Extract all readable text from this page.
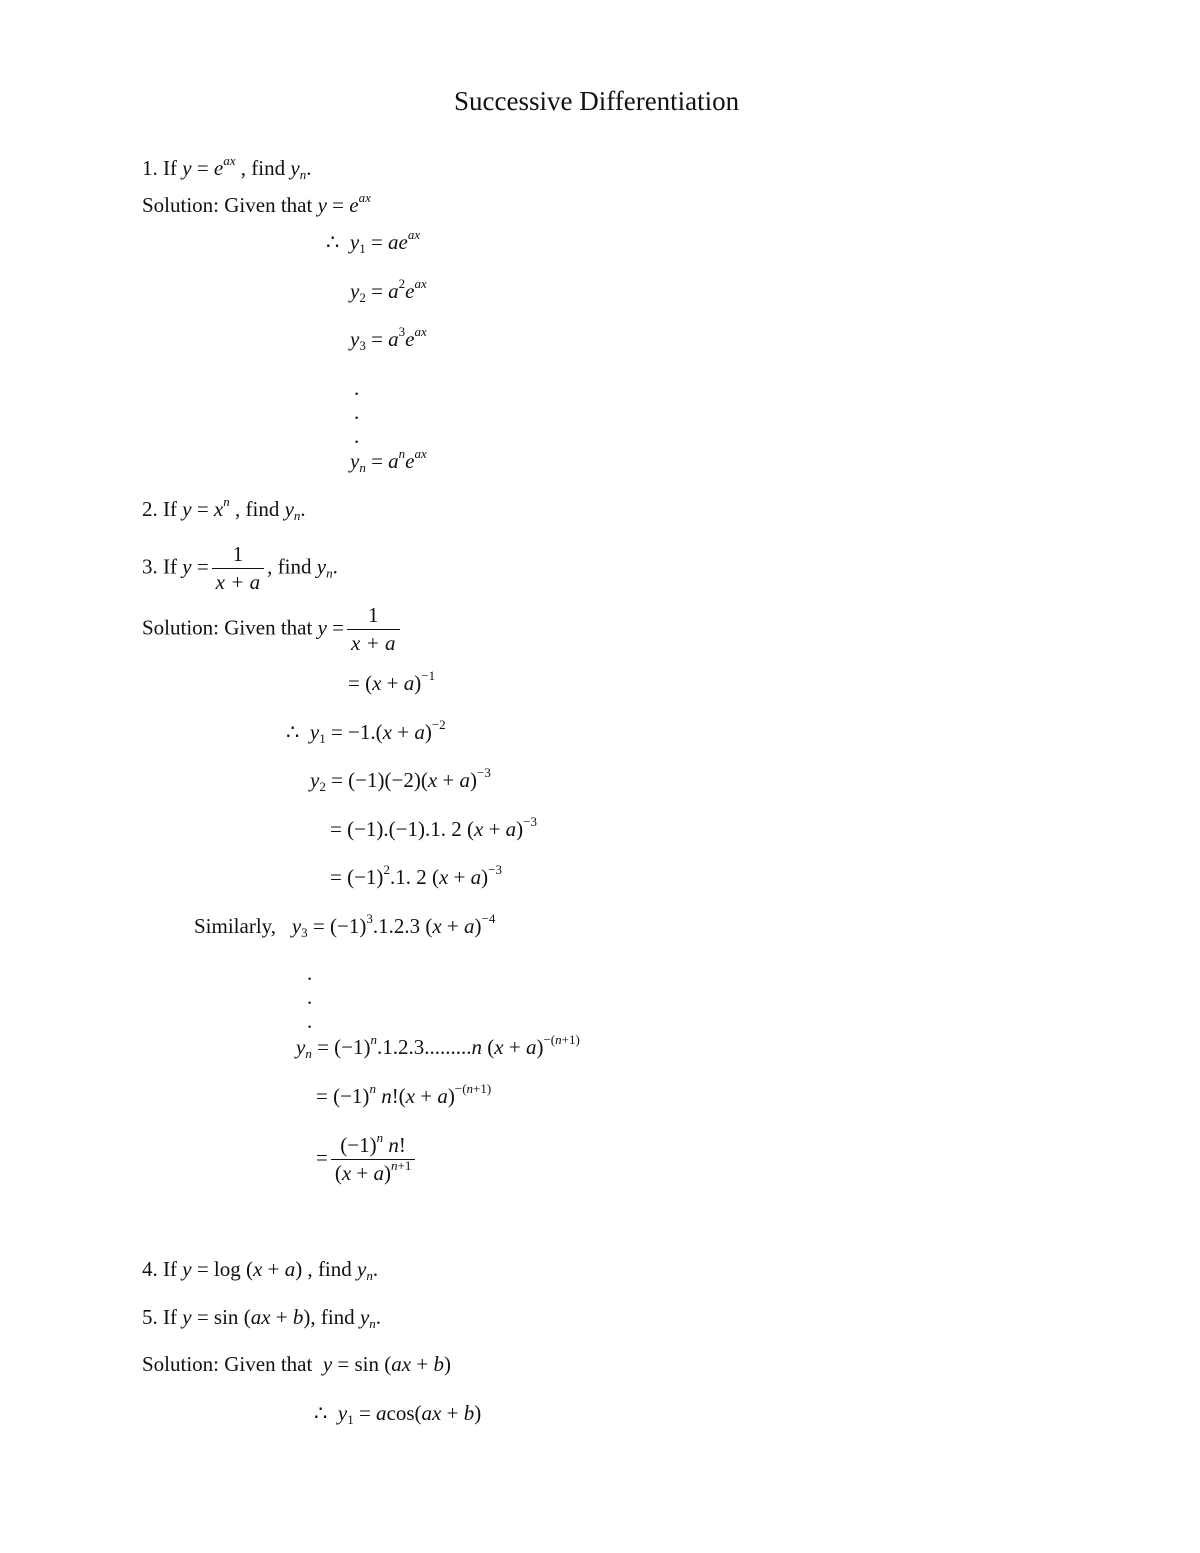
Successive Differentiation
1. If $y = e^{ax}$ , find $y_n$.
Solution: Given that $y = e^{ax}$
∴  $y_1 = ae^{ax}$
$y_2 = a^2e^{ax}$
$y_3 = a^3e^{ax}$
.
.
.
$y_n = a^ne^{ax}$
2. If $y = x^n$ , find $y_n$.
3. If $y = \frac{1}{x + a}$ , find $y_n$.
Solution: Given that $y = \frac{1}{x + a}$
= $(x + a)^{-1}$
∴ $y_1 = -1.(x + a)^{-2}$
$y_2 = (-1)(-2)(x + a)^{-3}$
= (−1).(−1).1. 2 $(x + a)^{-3}$
= $(-1)^2.1$. 2 $(x + a)^{-3}$
Similarly, $y_3 = (-1)^3.1.2.3$ $(x + a)^{-4}$
.
.
.
$y_n = (-1)^n.1.2.3.........n$ $(x + a)^{-(n+1)}$
= $(-1)^n$ $n!(x + a)^{-(n+1)}$
= $\frac{(-1)^n n!}{(x + a)^{n+1}}$
4. If y = log (x + a) , find $y_n$.
5. If y = sin (ax + b), find $y_n$.
Solution: Given that y = sin (ax + b)
∴ $y_1 = acos(ax + b)$
